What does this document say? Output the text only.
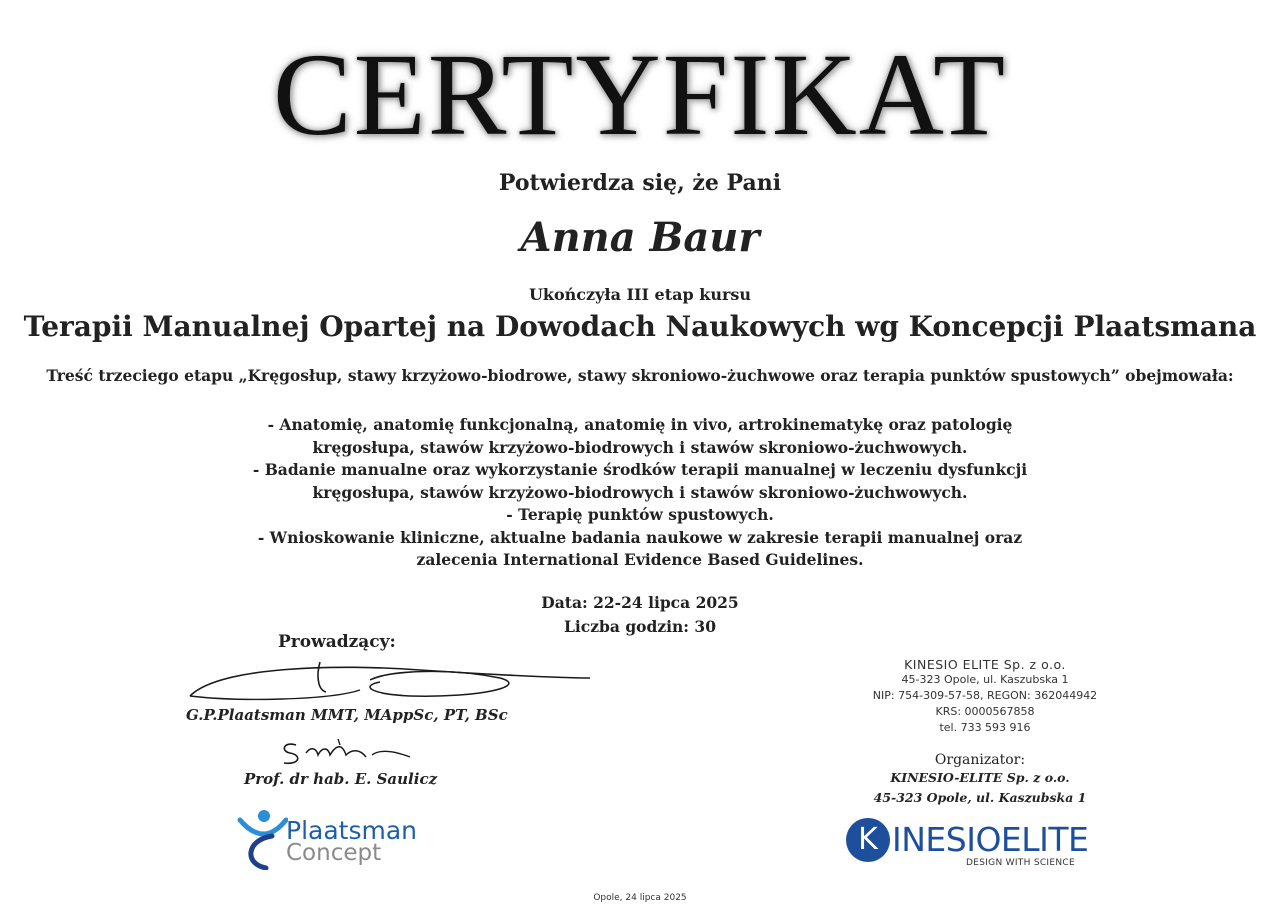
CERTYFIKAT
Potwierdza się, że Pani
Anna Baur
Ukończyła III etap kursu
Terapii Manualnej Opartej na Dowodach Naukowych wg Koncepcji Plaatsmana
Treść trzeciego etapu „Kręgosłup, stawy krzyżowo-biodrowe, stawy skroniowo-żuchwowe oraz terapia punktów spustowych” obejmowała:
- Anatomię, anatomię funkcjonalną, anatomię in vivo, artrokinematykę oraz patologię
kręgosłupa, stawów krzyżowo-biodrowych i stawów skroniowo-żuchwowych.
- Badanie manualne oraz wykorzystanie środków terapii manualnej w leczeniu dysfunkcji
kręgosłupa, stawów krzyżowo-biodrowych i stawów skroniowo-żuchwowych.
- Terapię punktów spustowych.
- Wnioskowanie kliniczne, aktualne badania naukowe w zakresie terapii manualnej oraz
zalecenia International Evidence Based Guidelines.
Data: 22-24 lipca 2025
Liczba godzin: 30
Prowadzący:
G.P.Plaatsman MMT, MAppSc, PT, BSc
Prof. dr hab. E. Saulicz
KINESIO ELITE Sp. z o.o.
45-323 Opole, ul. Kaszubska 1
NIP: 754-309-57-58, REGON: 362044942
KRS: 0000567858
tel. 733 593 916
Organizator:
KINESIO-ELITE Sp. z o.o.
45-323 Opole, ul. Kaszubska 1
Plaatsman
Concept	K INESIOELITE
DESIGN WITH SCIENCE
Opole, 24 lipca 2025
